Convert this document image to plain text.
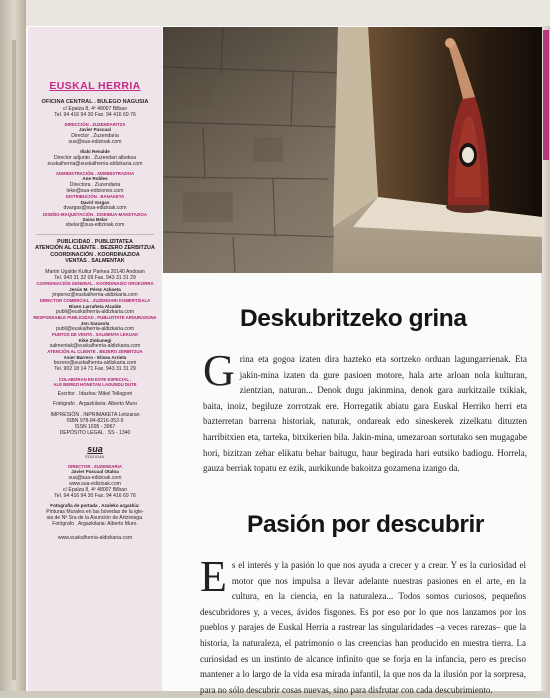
EUSKAL HERRIA

OFICINA CENTRAL . BULEGO NAGUSIA

c/ Epalza 8, 4º 48007 Bilbao

Tel. 94 416 94 30 Fax. 94 416 69 76

DIRECCIÓN . ZUZENDARITZA

Javier Pascual

Director . Zuzendaria

sua@sua-edizioak.com

Iñaki Renalde

Director adjunto . Zuzendari albokoa

euskalherria@euskalherria-aldizkaria.com

ADMINISTRACIÓN . ADMINISTRAZIOA

Ane Robles

Directora . Zuzendaria

leke@sua-ediciones.com

DISTRIBUCIÓN . BANAKETA

David Vargas

dvargas@sua-edizioak.com

DISEÑO-MAQUETACIÓN . DISEINUA-MAKETAZIOA

Saioa Belar

sbelar@sua-edizioak.com

PUBLICIDAD . PUBLIZITATEA

ATENCIÓN AL CLIENTE . BEZERO ZERBITZUA

COORDINACIÓN . KOORDINAZIOA

VENTAS . SALMENTAK

Martin Ugalde Kultur Parkea 20140 Andoain

Tel. 943 31 32 09 Fax. 943 31 31 29

COORDINACIÓN GENERAL . KOORDINAZIO OROKORRA

Jesús M. Pérez Azkoeta

jmperez@euskalherria-aldizkaria.com

DIRECTOR COMERCIAL . ZUZENDARI KOMERTZIALA

Bixen Larrañeta Alcalde

publi@euskalherria-aldizkaria.com

RESPONSABLE PUBLICIDAD . PUBLIZITATE ARDURADUNA

Jon Sarasola

publi@euskalherria-aldizkaria.com

PUNTOS DE VENTA . SALMENTA LEKUAK

Kike Zinkunegi

salmentak@euskalherria-aldizkaria.com

ATENCIÓN AL CLIENTE . BEZERO ZERBITZUA

Asier Barrero - Elisea Arrieta

bezero@euskalherria-aldizkaria.com

Tel. 902 18 14 71 Fax. 943 31 31 29

COLABORAN EN ESTE ESPECIAL .

ALE BEREZI HONETAN LAGUNDU DUTE

Escritor . Idazlea: Mikel Tellagorri

Fotógrafo . Argazkilaria: Alberto Muro

IMPRESIÓN . INPRIMAKETA Leitzaran

ISBN 978-84-8216-352-9

ISSN 1695 - 3967

DEPÓSITO LEGAL . SS - 1340

sua

EDIZIOAK

DIRECTOR . ZUZENDARIA

Javier Pascual Otaloa

sua@sua-edizioak.com

www.sua-edizioak.com

c/ Epalza 8, 4º 48007 Bilbao

Tel. 94 416 94 30 Fax. 94 416 69 76

Fotografía de portada . Azaleko argazkia:

Pinturas Murales en las bóvedas de la igle-

sia de Nª Sra de la Asunción de Artziniega.

Fotógrafo . Argazkilaria: Alberto Muro.

www.euskalherria-aldizkaria.com

Deskubritzeko grina

Grina eta gogoa izaten dira hazteko eta sortzeko orduan lagungarrienak. Eta jakin-mina izaten da gure pasioen motore, hala arte arloan nola kulturan, zientzian, naturan... Denok dugu jakinmina, denok gara aurkitzaile txikiak, baita, inoiz, begiluze zorrotzak ere. Horregatik abiatu gara Euskal Herriko herri eta bazterretan barrena historiak, naturak, ondareak edo sineskerek zizelkatu dituzten harribitxien eta, tarteka, bitxikerien bila. Jakin-mina, umezaroan sortutako sen mugagabe hori, bizitzan zehar elikatu behar baitugu, haur begirada hari eutsiko badiogu. Horrela, gauza berriak topatu ez ezik, aurkikunde bakoitza gozamena izango da.

Pasión por descubrir

Es el interés y la pasión lo que nos ayuda a crecer y a crear. Y es la curiosidad el motor que nos impulsa a llevar adelante nuestras pasiones en el arte, en la cultura, en la ciencia, en la naturaleza... Todos somos curiosos, pequeños descubridores y, a veces, ávidos fisgones. Es por eso por lo que nos lanzamos por los pueblos y parajes de Euskal Herria a rastrear las singularidades –a veces rarezas– que la historia, la naturaleza, el patrimonio o las creencias han producido en nuestra tierra. La curiosidad es un instinto de alcance infinito que se forja en la infancia, pero es preciso mantener a lo largo de la vida esa mirada infantil, la que nos da la ilusión por la sorpresa, para no sólo descubrir cosas nuevas, sino para disfrutar con cada descubrimiento.
